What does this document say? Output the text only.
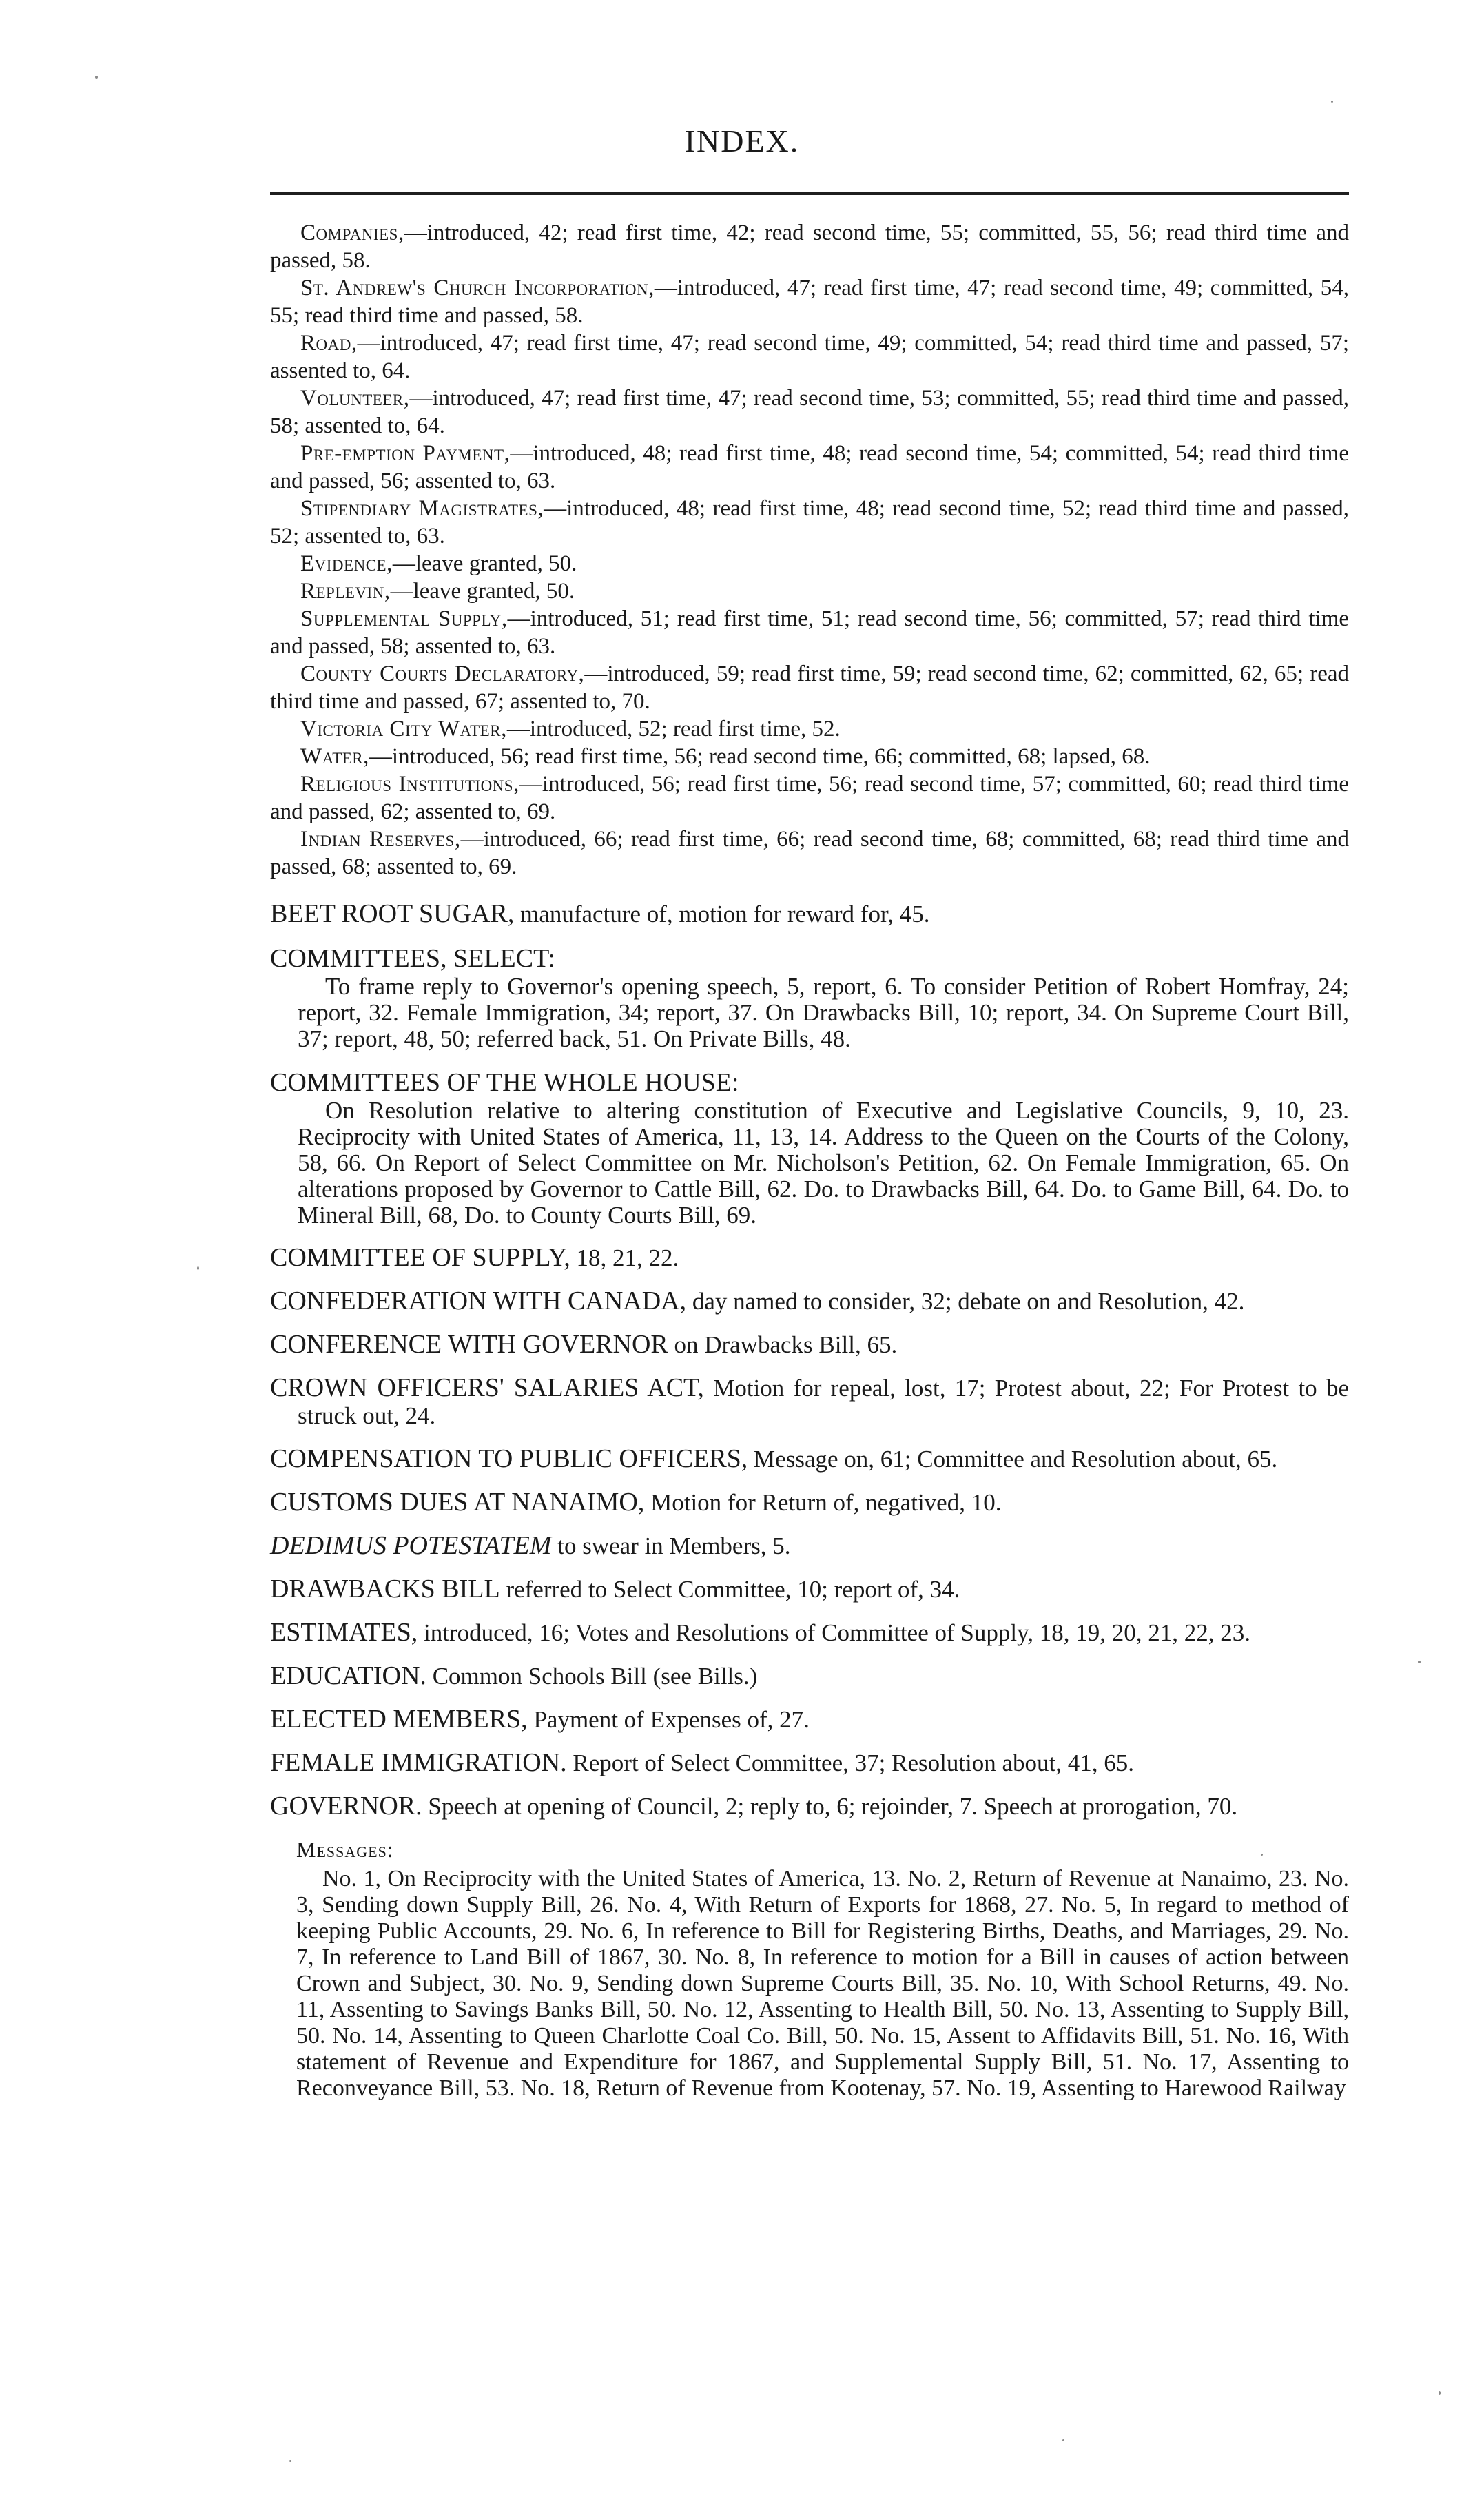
INDEX.

Companies,—introduced, 42; read first time, 42; read second time, 55; committed, 55, 56; read third time and passed, 58.

St. Andrew's Church Incorporation,—introduced, 47; read first time, 47; read second time, 49; committed, 54, 55; read third time and passed, 58.

Road,—introduced, 47; read first time, 47; read second time, 49; committed, 54; read third time and passed, 57; assented to, 64.

Volunteer,—introduced, 47; read first time, 47; read second time, 53; committed, 55; read third time and passed, 58; assented to, 64.

Pre-emption Payment,—introduced, 48; read first time, 48; read second time, 54; committed, 54; read third time and passed, 56; assented to, 63.

Stipendiary Magistrates,—introduced, 48; read first time, 48; read second time, 52; read third time and passed, 52; assented to, 63.

Evidence,—leave granted, 50.

Replevin,—leave granted, 50.

Supplemental Supply,—introduced, 51; read first time, 51; read second time, 56; committed, 57; read third time and passed, 58; assented to, 63.

County Courts Declaratory,—introduced, 59; read first time, 59; read second time, 62; committed, 62, 65; read third time and passed, 67; assented to, 70.

Victoria City Water,—introduced, 52; read first time, 52.

Water,—introduced, 56; read first time, 56; read second time, 66; committed, 68; lapsed, 68.

Religious Institutions,—introduced, 56; read first time, 56; read second time, 57; committed, 60; read third time and passed, 62; assented to, 69.

Indian Reserves,—introduced, 66; read first time, 66; read second time, 68; committed, 68; read third time and passed, 68; assented to, 69.

BEET ROOT SUGAR, manufacture of, motion for reward for, 45.

COMMITTEES, SELECT:

To frame reply to Governor's opening speech, 5, report, 6. To consider Petition of Robert Homfray, 24; report, 32. Female Immigration, 34; report, 37. On Drawbacks Bill, 10; report, 34. On Supreme Court Bill, 37; report, 48, 50; referred back, 51. On Private Bills, 48.

COMMITTEES OF THE WHOLE HOUSE:

On Resolution relative to altering constitution of Executive and Legislative Councils, 9, 10, 23. Reciprocity with United States of America, 11, 13, 14. Address to the Queen on the Courts of the Colony, 58, 66. On Report of Select Committee on Mr. Nicholson's Petition, 62. On Female Immigration, 65. On alterations proposed by Governor to Cattle Bill, 62. Do. to Drawbacks Bill, 64. Do. to Game Bill, 64. Do. to Mineral Bill, 68, Do. to County Courts Bill, 69.

COMMITTEE OF SUPPLY, 18, 21, 22.

CONFEDERATION WITH CANADA, day named to consider, 32; debate on and Resolution, 42.

CONFERENCE WITH GOVERNOR on Drawbacks Bill, 65.

CROWN OFFICERS' SALARIES ACT, Motion for repeal, lost, 17; Protest about, 22; For Protest to be struck out, 24.

COMPENSATION TO PUBLIC OFFICERS, Message on, 61; Committee and Resolution about, 65.

CUSTOMS DUES AT NANAIMO, Motion for Return of, negatived, 10.

DEDIMUS POTESTATEM to swear in Members, 5.

DRAWBACKS BILL referred to Select Committee, 10; report of, 34.

ESTIMATES, introduced, 16; Votes and Resolutions of Committee of Supply, 18, 19, 20, 21, 22, 23.

EDUCATION. Common Schools Bill (see Bills.)

ELECTED MEMBERS, Payment of Expenses of, 27.

FEMALE IMMIGRATION. Report of Select Committee, 37; Resolution about, 41, 65.

GOVERNOR. Speech at opening of Council, 2; reply to, 6; rejoinder, 7. Speech at prorogation, 70.

Messages:

No. 1, On Reciprocity with the United States of America, 13. No. 2, Return of Revenue at Nanaimo, 23. No. 3, Sending down Supply Bill, 26. No. 4, With Return of Exports for 1868, 27. No. 5, In regard to method of keeping Public Accounts, 29. No. 6, In reference to Bill for Registering Births, Deaths, and Marriages, 29. No. 7, In reference to Land Bill of 1867, 30. No. 8, In reference to motion for a Bill in causes of action between Crown and Subject, 30. No. 9, Sending down Supreme Courts Bill, 35. No. 10, With School Returns, 49. No. 11, Assenting to Savings Banks Bill, 50. No. 12, Assenting to Health Bill, 50. No. 13, Assenting to Supply Bill, 50. No. 14, Assenting to Queen Charlotte Coal Co. Bill, 50. No. 15, Assent to Affidavits Bill, 51. No. 16, With statement of Revenue and Expenditure for 1867, and Supplemental Supply Bill, 51. No. 17, Assenting to Reconveyance Bill, 53. No. 18, Return of Revenue from Kootenay, 57. No. 19, Assenting to Harewood Railway
